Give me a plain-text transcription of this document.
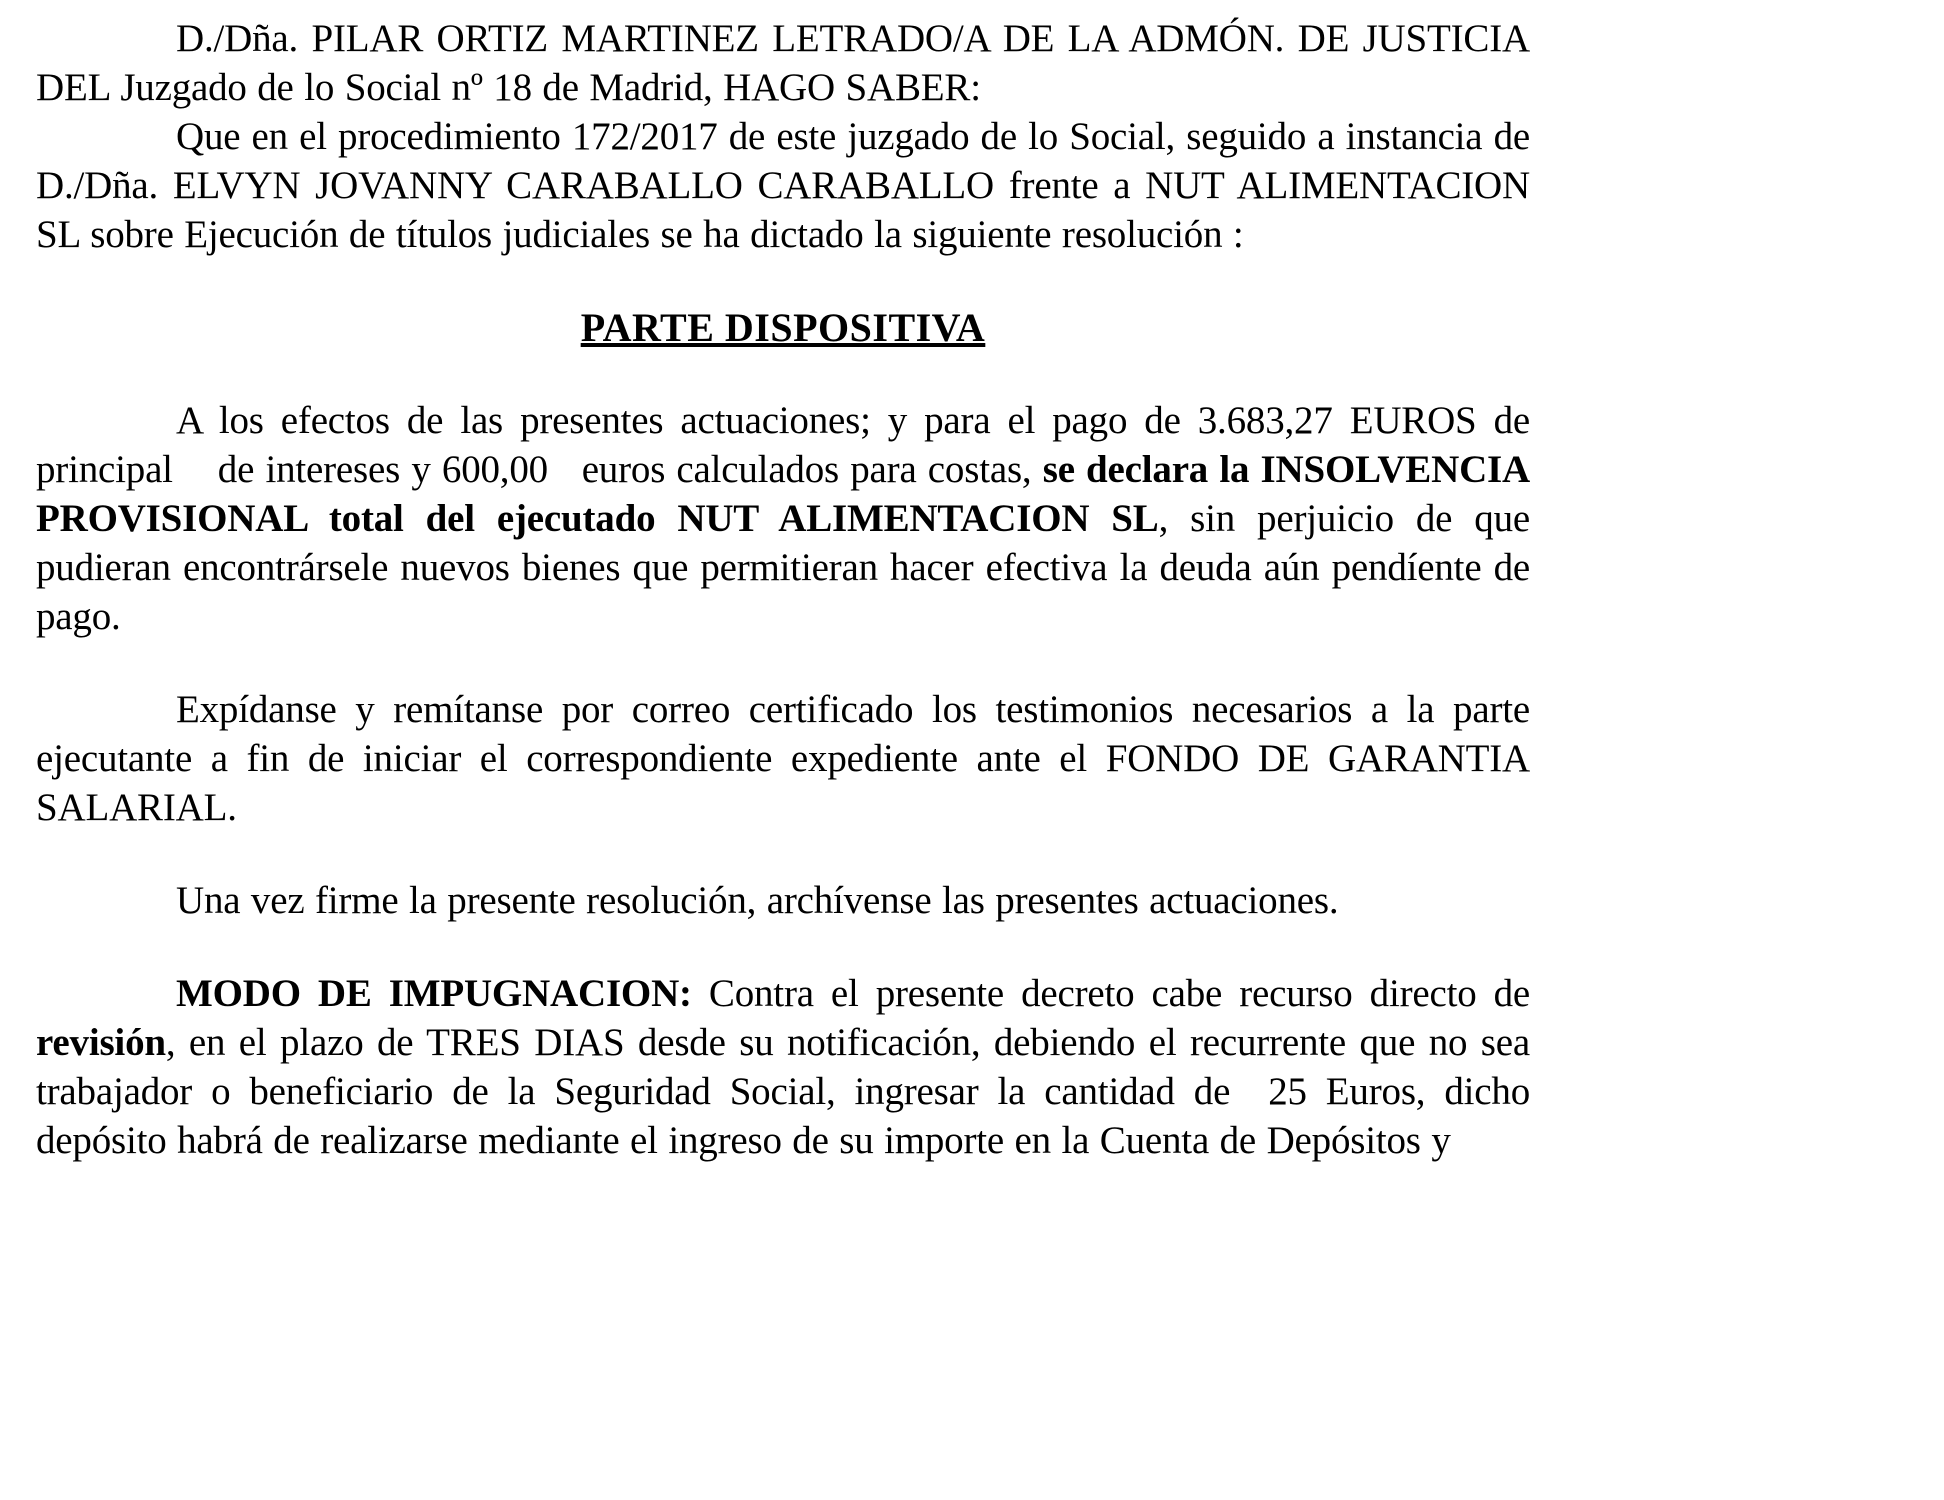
D./Dña. PILAR ORTIZ MARTINEZ LETRADO/A DE LA ADMÓN. DE JUSTICIA DEL Juzgado de lo Social nº 18 de Madrid, HAGO SABER:

Que en el procedimiento 172/2017 de este juzgado de lo Social, seguido a instancia de D./Dña. ELVYN JOVANNY CARABALLO CARABALLO frente a NUT ALIMENTACION SL sobre Ejecución de títulos judiciales se ha dictado la siguiente resolución :

PARTE DISPOSITIVA

A los efectos de las presentes actuaciones; y para el pago de 3.683,27 EUROS de principal    de intereses y 600,00   euros calculados para costas, se declara la INSOLVENCIA PROVISIONAL total del ejecutado NUT ALIMENTACION SL, sin perjuicio de que pudieran encontrársele nuevos bienes que permitieran hacer efectiva la deuda aún pendíente de pago.

Expídanse y remítanse por correo certificado los testimonios necesarios a la parte ejecutante a fin de iniciar el correspondiente expediente ante el FONDO DE GARANTIA SALARIAL.

Una vez firme la presente resolución, archívense las presentes actuaciones.

MODO DE IMPUGNACION: Contra el presente decreto cabe recurso directo de revisión, en el plazo de TRES DIAS desde su notificación, debiendo el recurrente que no sea trabajador o beneficiario de la Seguridad Social, ingresar la cantidad de  25 Euros, dicho depósito habrá de realizarse mediante el ingreso de su importe en la Cuenta de Depósitos y
